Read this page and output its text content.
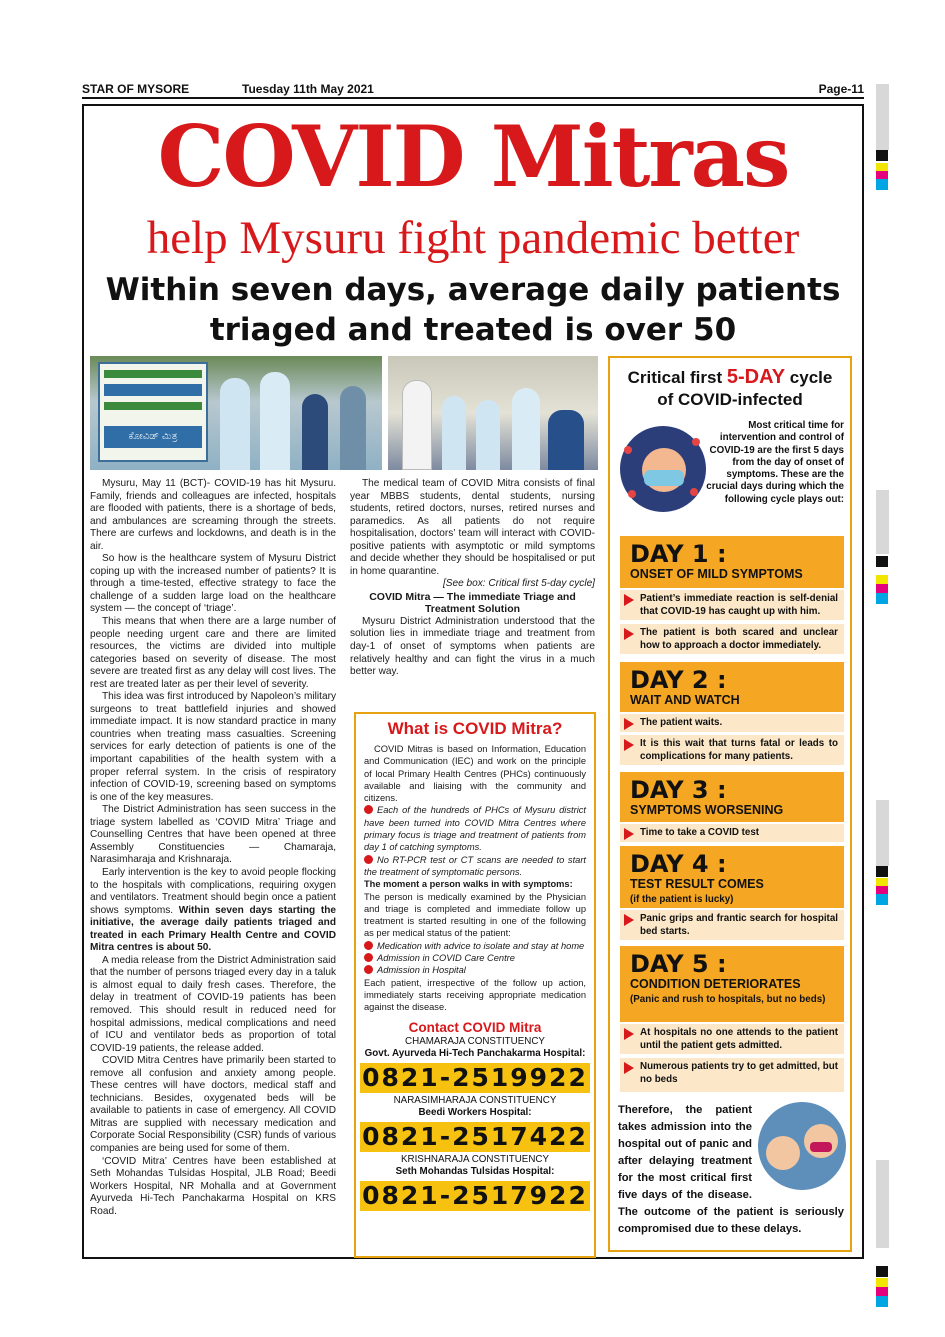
STAR OF MYSORE	Tuesday 11th May 2021	Page-11
COVID Mitras
help Mysuru fight pandemic better
Within seven days, average daily patients
triaged and treated is over 50
ಕೋವಿಡ್ ಮಿತ್ರ

Mysuru, May 11 (BCT)- COVID-19 has hit Mysuru. Family, friends and colleagues are infected, hospitals are flooded with patients, there is a shortage of beds, and ambulances are screaming through the streets. There are curfews and lockdowns, and death is in the air.

So how is the healthcare system of Mysuru District coping up with the increased number of patients? It is through a time-tested, effective strategy to face the challenge of a sudden large load on the healthcare system — the concept of ‘triage’.

This means that when there are a large number of people needing urgent care and there are limited resources, the victims are divided into multiple categories based on severity of disease. The most severe are treated first as any delay will cost lives. The rest are treated later as per their level of severity.

This idea was first introduced by Napoleon’s military surgeons to treat battlefield injuries and showed immediate impact. It is now standard practice in many countries when treating mass casualties. Screening services for early detection of patients is one of the important capabilities of the health system with a proper referral system. In the crisis of respiratory infection of COVID-19, screening based on symptoms is one of the key measures.

The District Administration has seen success in the triage system labelled as ‘COVID Mitra’ Triage and Counselling Centres that have been opened at three Assembly Constituencies — Chamaraja, Narasimharaja and Krishnaraja.

Early intervention is the key to avoid people flocking to the hospitals with complications, requiring oxygen and ventilators. Treatment should begin once a patient shows symptoms. Within seven days starting the initiative, the average daily patients triaged and treated in each Primary Health Centre and COVID Mitra centres is about 50.

A media release from the District Administration said that the number of persons triaged every day in a taluk is almost equal to daily fresh cases. Therefore, the delay in treatment of COVID-19 patients has been removed. This should result in reduced need for hospital admissions, medical complications and need of ICU and ventilator beds as proportion of total COVID-19 patients, the release added.

COVID Mitra Centres have primarily been started to remove all confusion and anxiety among people. These centres will have doctors, medical staff and technicians. Besides, oxygenated beds will be available to patients in case of emergency. All COVID Mitras are supplied with necessary medication and Corporate Social Responsibility (CSR) funds of various companies are being used for some of them.

‘COVID Mitra’ Centres have been established at Seth Mohandas Tulsidas Hospital, JLB Road; Beedi Workers Hospital, NR Mohalla and at Government Ayurveda Hi-Tech Panchakarma Hospital on KRS Road.

The medical team of COVID Mitra consists of final year MBBS students, dental students, nursing students, retired doctors, nurses, retired nurses and paramedics. As all patients do not require hospitalisation, doctors’ team will interact with COVID-positive patients with asymptotic or mild symptoms and decide whether they should be hospitalised or put in home quarantine.

[See box: Critical first 5-day cycle]

COVID Mitra — The immediate Triage and Treatment Solution

Mysuru District Administration understood that the solution lies in immediate triage and treatment from day-1 of onset of symptoms when patients are relatively healthy and can fight the virus in a much better way.

What is COVID Mitra?

COVID Mitras is based on Information, Education and Communication (IEC) and work on the principle of local Primary Health Centres (PHCs) continuously available and liaising with the community and citizens.

Each of the hundreds of PHCs of Mysuru district have been turned into COVID Mitra Centres where primary focus is triage and treatment of patients from day 1 of catching symptoms.

No RT-PCR test or CT scans are needed to start the treatment of symptomatic persons.

The moment a person walks in with symptoms:

The person is medically examined by the Physician and triage is completed and immediate follow up treatment is started resulting in one of the following as per medical status of the patient:

Medication with advice to isolate and stay at home

Admission in COVID Care Centre

Admission in Hospital

Each patient, irrespective of the follow up action, immediately starts receiving appropriate medication against the disease.

Contact COVID Mitra
CHAMARAJA CONSTITUENCY
Govt. Ayurveda Hi-Tech Panchakarma Hospital:
0821-2519922
NARASIMHARAJA CONSTITUENCY
Beedi Workers Hospital:
0821-2517422
KRISHNARAJA CONSTITUENCY
Seth Mohandas Tulsidas Hospital:
0821-2517922
Critical first 5-DAY cycle
of COVID-infected
Most critical time for intervention and control of COVID-19 are the first 5 days from the day of onset of symptoms. These are the crucial days during which the following cycle plays out:
DAY 1 :
ONSET OF MILD SYMPTOMS
Patient’s immediate reaction is self-denial that COVID-19 has caught up with him.
The patient is both scared and unclear how to approach a doctor immediately.
DAY 2 :
WAIT AND WATCH
The patient waits.
It is this wait that turns fatal or leads to complications for many patients.
DAY 3 :
SYMPTOMS WORSENING
Time to take a COVID test
DAY 4 :
TEST RESULT COMES
(if the patient is lucky)
Panic grips and frantic search for hospital bed starts.
DAY 5 :
CONDITION DETERIORATES
(Panic and rush to hospitals, but no beds)
At hospitals no one attends to the patient until the patient gets admitted.
Numerous patients try to get admitted, but no beds
Therefore, the patient takes admission into the hospital out of panic and after delaying treatment for the most critical first five days of the disease. The outcome of the patient is seriously compromised due to these delays.
